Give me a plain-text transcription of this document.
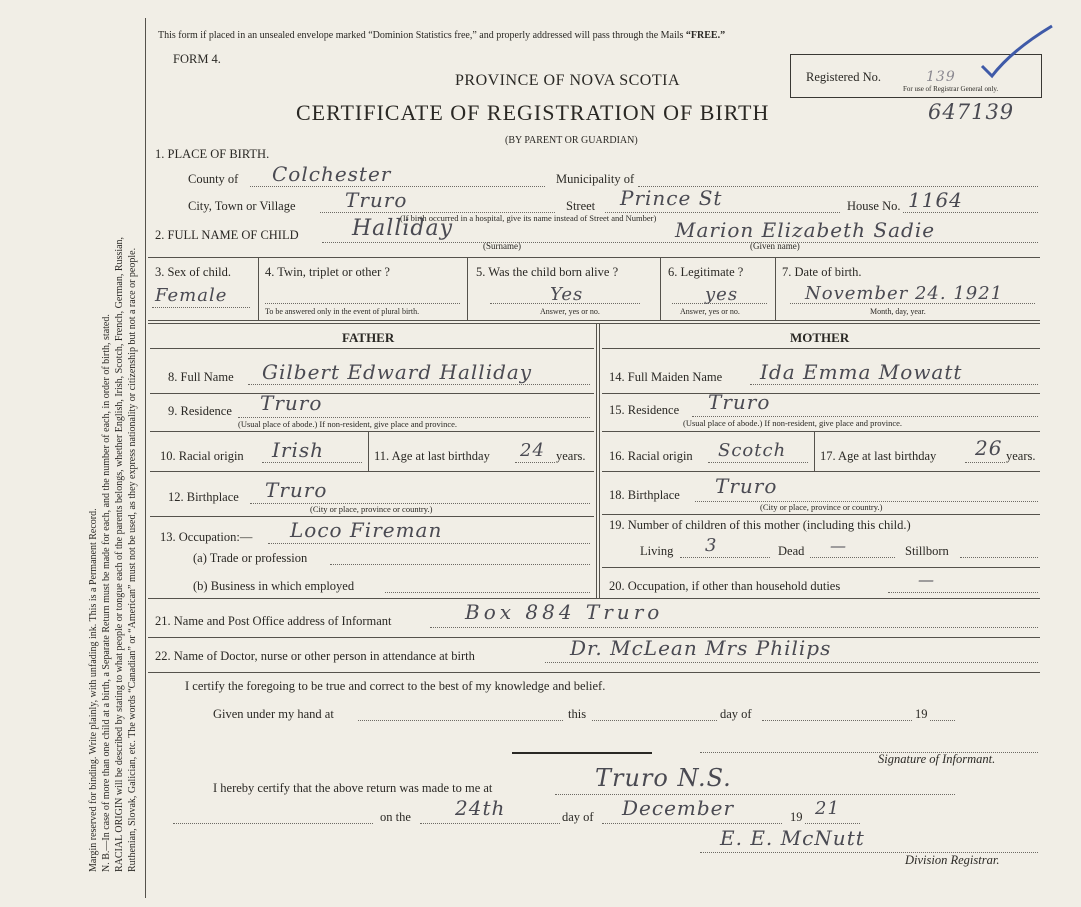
Margin reserved for binding. Write plainly, with unfading ink. This is a Permanent Record. N. B.—In case of more than one child at a birth, a Separate Return must be made for each, and the number of each, in order of birth, stated. RACIAL ORIGIN will be described by stating to what people or tongue each of the parents belongs, whether English, Irish, Scotch, French, German, Russian, Ruthenian, Slovak, Galician, etc. The words “Canadian” or “American” must not be used, as they express nationality or citizenship but not a race or people.
This form if placed in an unsealed envelope marked “Dominion Statistics free,” and properly addressed will pass through the Mails “FREE.”
FORM 4.
PROVINCE OF NOVA SCOTIA
CERTIFICATE OF REGISTRATION OF BIRTH
(BY PARENT OR GUARDIAN)
Registered No.	139
For use of Registrar General only.
647139
1. PLACE OF BIRTH.
County of Colchester	Municipality of
City, Town or Village Truro	Street Prince St	House No. 1164
(If birth occurred in a hospital, give its name instead of Street and Number)
2. FULL NAME OF CHILD Halliday
(Surname)
Marion Elizabeth Sadie
(Given name)
3. Sex of child.
Female
4. Twin, triplet or other ?
To be answered only in the event of plural birth.
5. Was the child born alive ?
Yes
Answer, yes or no.
6. Legitimate ?
yes
Answer, yes or no.
7. Date of birth.
November 24. 1921
Month, day, year.
FATHER	MOTHER
8. Full Name Gilbert Edward Halliday
9. Residence Truro
(Usual place of abode.) If non-resident, give place and province.
10. Racial origin Irish	11. Age at last birthday 24 years.
12. Birthplace Truro
(City or place, province or country.)
13. Occupation:— Loco Fireman
(a) Trade or profession
(b) Business in which employed
14. Full Maiden Name Ida Emma Mowatt
15. Residence Truro
(Usual place of abode.) If non-resident, give place and province.
16. Racial origin Scotch	17. Age at last birthday 26 years.
18. Birthplace Truro
(City or place, province or country.)
19. Number of children of this mother (including this child.)
Living 3	Dead —	Stillborn
20. Occupation, if other than household duties	—
21. Name and Post Office address of Informant	Box 884 Truro
22. Name of Doctor, nurse or other person in attendance at birth	Dr. McLean Mrs Philips
I certify the foregoing to be true and correct to the best of my knowledge and belief.
Given under my hand at	this	day of	19
Signature of Informant.
I hereby certify that the above return was made to me at	Truro N.S.
on the 24th	day of December	19 21
E. E. McNutt
Division Registrar.
